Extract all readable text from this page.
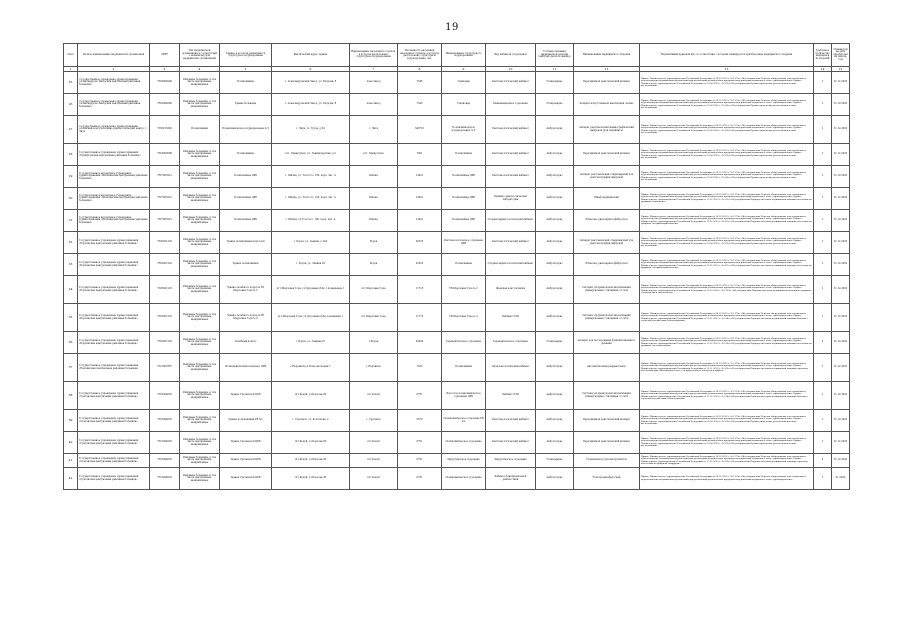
19
№п/п	Полное наименование медицинской организации	ИНН	Тип медицинской организации в соответствии с номенклатурой медицинских организаций	Здание, в котором размещается структурное подразделение	Фактический адрес здания	Наименование населенного пункта, в котором расположено структурное подразделение	Численность населения населенного пункта, в котором расположено структурное подразделение, чел.	Наименование структурного подразделения	Вид кабинета (отделения)	Условия оказания медицинской помощи (амбулаторно/в больнице)	Наименование медицинского изделия	Нормативный правовой акт, в соответствии с которым планируется приобретение медицинского изделия	Требуемое количество медицинских изделий	Планируемая дата приобретения (месяц, год)
1	2	3	4	5	6	7	8	9	10	11	12	13	14	15
25	государственное учреждение здравоохранения «Александрово-Заводская центральная районная больница»	7503004906	Районные больницы, в том числе центральные, межрайонные	Поликлиника	с. Александровский Завод, ул. Петрова, 8	Алек-Завод	7345	стационар	Рентгенологический кабинет	Стационарно	Передвижной рентгеновский аппарат	Приказ Министерства здравоохранения Российской Федерации от 28.12.2020 г. № 1379н «Об утверждении Перечня оборудования для оснащения и переоснащения медицинских организаций при реализации региональных программ модернизации первичного звена здравоохранения» Приказ Министерства здравоохранения Российской Федерации от 09.06.2020 г. № 560н «Об утверждении Правил проведения рентгенологических исследований»	1	31.12.2023
26	государственное учреждение здравоохранения «Александрово-Заводская центральная районная больница»	7503004906	Районные больницы, в том числе центральные, межрайонные	Здание больницы	с. Александровский Завод, ул. Петрова, 8	Алек-Завод	7345	Стационар	Реанимационное отделение	Стационарно	Аппарат искусственной вентиляции легких	Приказ Министерства здравоохранения Российской Федерации от 28.12.2020 г. № 1379н «Об утверждении Перечня оборудования для оснащения и переоснащения медицинских организаций при реализации региональных программ модернизации первичного звена здравоохранения» Приказ Министерства здравоохранения Российской Федерации от 09.06.2020 г. № 560н «Об утверждении Правил проведения рентгенологических исследований»	1	31.12.2023
27	государственное учреждение здравоохранения «Агинский консультативно-диагностический центр» г. Чита	7536015345	Поликлиники	Поликлиническое подразделение № 5	г. Чита, ул. Труда, д.20	г. Чита	349713	Поликлиническое подразделение № 5	Рентгенологический кабинет	Амбулаторно	Аппарат рентгеновский маммографический цифровой (для скрининга)	Приказ Министерства здравоохранения Российской Федерации от 28.12.2020 г. № 1379н «Об утверждении Перечня оборудования для оснащения и переоснащения медицинских организаций при реализации региональных программ модернизации первичного звена здравоохранения» Приказ Министерства здравоохранения Российской Федерации от 09.06.2020 г. № 560н «Об утверждении Правил проведения рентгенологических исследований»	1	31.12.2022
28	Государственное учреждение здравоохранения «Приаргунская центральная районная больница»	7518000998	Районные больницы, в том числе центральные, межрайонные	Поликлиника	пгт. Приаргунск, ул. Ленинградская, д.2	пгт. Приаргунск	7061	Поликлиника	Рентгенологический кабинет	Амбулаторно	Передвижной рентгеновский аппарат	Приказ Министерства здравоохранения Российской Федерации от 28.12.2020 г. № 1379н «Об утверждении Перечня оборудования для оснащения и переоснащения медицинских организаций при реализации региональных программ модернизации первичного звена здравоохранения» Приказ Министерства здравоохранения Российской Федерации от 09.06.2020 г. № 560н «Об утверждении Правил проведения рентгенологических исследований»	1	31.12.2023
29	Государственное автономное учреждение здравоохранения «Шилкинская центральная районная больница»	7527003221	Районные больницы, в том числе центральные, межрайонные	Поликлиника ЦРБ	г. Шилка, ул. Толстого, 106, корп. лит. А	Шилка	12491	Поликлиника ЦРБ	Рентгенологический кабинет	Амбулаторно	Аппарат рентгеновский стационарный для рентгенографии цифровой	Приказ Министерства здравоохранения Российской Федерации от 28.12.2020 г. № 1379н «Об утверждении Перечня оборудования для оснащения и переоснащения медицинских организаций при реализации региональных программ модернизации первичного звена здравоохранения» Приказ Министерства здравоохранения Российской Федерации от 09.06.2020 г. № 560н «Об утверждении Правил проведения рентгенологических исследований»	1	31.12.2023
30	Государственное автономное учреждение здравоохранения «Шилкинская центральная районная больница»	7527003221	Районные больницы, в том числе центральные, межрайонные	Поликлиника ЦРБ	г. Шилка, ул. Толстого, 106, корп. лит. А	Шилка	12491	Поликлиника ЦРБ	Клинико-диагностическая лаборатория	Амбулаторно	Шкаф медицинский	Приказ Министерства здравоохранения Российской Федерации от 28.12.2020 г. № 1379н «Об утверждении Перечня оборудования для оснащения и переоснащения медицинских организаций при реализации региональных программ модернизации первичного звена здравоохранения» Приказ Министерства здравоохранения Российской Федерации от 15.11.2012 г. № 915н «Об утверждении Порядка оказания медицинской помощи населению по профилю «онкология»	1	31.12.2023
31	Государственное автономное учреждение здравоохранения «Шилкинская центральная районная больница»	7527003221	Районные больницы, в том числе центральные, межрайонные	Поликлиника ЦРБ	г. Шилка, ул.Толстого, 106, корп. лит. А	Шилка	12491	Поликлиника ЦРБ	Оториноларингологический кабинет	Амбулаторно	Этикетка, риноларингофиброскоп	Приказ Министерства здравоохранения Российской Федерации от 28.12.2020 г. № 1379н «Об утверждении Перечня оборудования для оснащения и переоснащения медицинских организаций при реализации региональных программ модернизации первичного звена здравоохранения» Приказ Министерства здравоохранения Российской Федерации от 12.11.2012 г. № 905н «Об утверждении Порядка оказания медицинской помощи населению по профилю «оториноларингология»	1	31.12.2023
32	Государственное учреждение здравоохранения «Борзинская центральная районная больница»	7529001223	Районные больницы, в том числе центральные, межрайонные	Здание поликлиники взрослой	г. Борзя, ул. Ленина, д.10А	Борзя	29325	Рентгенологическое отделение ЦРБ	Рентгенологический кабинет	Амбулаторно	Аппарат рентгеновский стационарный для рентгенографии цифровой	Приказ Министерства здравоохранения Российской Федерации от 28.12.2020 г. № 1379н «Об утверждении Перечня оборудования для оснащения и переоснащения медицинских организаций при реализации региональных программ модернизации первичного звена здравоохранения» Приказ Министерства здравоохранения Российской Федерации от 09.06.2020 г. № 560н «Об утверждении Правил проведения рентгенологических исследований»	1	31.12.2023
33	Государственное учреждение здравоохранения «Борзинская центральная районная больница»	7529001223	Районные больницы, в том числе центральные, межрайонные	Здание поликлиники	г. Борзя, ул. Ленина 20	Борзя	29325	Поликлиника	Оториноларингологический кабинет	Амбулаторно	Этикетка, риноларингофиброскоп	Приказ Министерства здравоохранения Российской Федерации от 28.12.2020 г. № 1379н «Об утверждении Перечня оборудования для оснащения и переоснащения медицинских организаций при реализации региональных программ модернизации первичного звена здравоохранения» Приказ Министерства здравоохранения Российской Федерации от 12.11.2012 г. № 905н «Об утверждении Порядка оказания медицинской помощи населению по профилю «оториноларингология»	1	31.12.2022
34	Государственное учреждение здравоохранения «Борзинская центральная районная больница»	7529001223	Районные больницы, в том числе центральные, межрайонные	Здание лечебного корпуса УБ Шерловая Гора № 2	пгт.Шерловая Гора, ул.Дорожная (б/н) 1 помещение 1	пгт.Шерловая Гора	11715	УБ Шерловая Гора № 2	Женская консультация	Амбулаторно	Система ультразвуковой визуализации универсальная с питанием от сети	Приказ Министерства здравоохранения Российской Федерации от 28.12.2020 г. № 1379н «Об утверждении Перечня оборудования для оснащения и переоснащения медицинских организаций при реализации региональных программ модернизации первичного звена здравоохранения» Приказ Министерства здравоохранения Российской Федерации от 20.10.2020 г. № 1130н «Об утверждении Порядка оказания медицинской помощи по профилю «акушерство и гинекология»	1	31.12.2022
35	Государственное учреждение здравоохранения «Борзинская центральная районная больница»	7529001223	Районные больницы, в том числе центральные, межрайонные	Здание лечебного корпуса УБ Шерловая Гора № 2	пгт.Шерловая Гора, ул.Дорожная (б/н) помещение 1	пгт.Шерловая Гора	11715	УБ Шерловая Гора № 2	Кабинет УЗИ	Амбулаторно	Система ультразвуковой визуализации универсальная с питанием от сети	Приказ Министерства здравоохранения Российской Федерации от 28.12.2020 г. № 1379н «Об утверждении Перечня оборудования для оснащения и переоснащения медицинских организаций при реализации региональных программ модернизации первичного звена здравоохранения» Приказ Министерства здравоохранения Российской Федерации от 15.11.2012 г. № 918н «Об утверждении Порядка оказания медицинской помощи больным с сердечно-сосудистыми заболеваниями»	1	31.12.2022
36	Государственное учреждение здравоохранения «Борзинская центральная районная больница»	7529001223	Районные больницы, в том числе центральные, межрайонные	Лечебный корпус	г.Борзя, ул. Ленина,10	г.Борзя	29004	Терапевтическое отделение	Терапевтическое отделение	Стационарно	Аппарат для исследования функций внешнего дыхания	Приказ Министерства здравоохранения Российской Федерации от 28.12.2020 г. № 1379н «Об утверждении Перечня оборудования для оснащения и переоснащения медицинских организаций при реализации региональных программ модернизации первичного звена здравоохранения» Приказ Министерства здравоохранения Российской Федерации от 15.11.2012 г. № 916н «Об утверждении Порядка оказания медицинской помощи населению по профилю «пульмонология»	2	31.12.2022
37	Государственное учреждение здравоохранения «Нерчинская центральная районная больница»	7513002587	Районные больницы, в том числе центральные, межрайонные	Поликлинический комплекс ЦРБ	г.Нерчинск,ул.Комсомольская,7	г.Нерчинск	7633	Поликлиника	Офтальмологический кабинет	Амбулаторно	Автоматический рефрактометр	Приказ Министерства здравоохранения Российской Федерации от 28.12.2020 г. № 1379н «Об утверждении Перечня оборудования для оснащения и переоснащения медицинских организаций при реализации региональных программ модернизации первичного звена здравоохранения» Приказ Министерства здравоохранения Российской Федерации от 12.11.2012 г. № 902н «Об утверждении Порядка оказания медицинской помощи взрослому населению при заболеваниях глаза, его придаточного аппарата и орбиты»	1	31.12.2023
38	Государственное учреждение здравоохранения «Сретенская центральная районная больница»	7519004602	Районные больницы, в том числе центральные, межрайонные	Здание Сретенской ЦРБ	пгт.Кокуй, ул.Борзова,39	пгт.Кокуй	6791	Взрослое поликлиническое отделение ЦРБ	Кабинет УЗИ	Амбулаторно	Система ультразвуковой визуализации универсальная с питанием от сети	Приказ Министерства здравоохранения Российской Федерации от 28.12.2020 г. № 1379н «Об утверждении Перечня оборудования для оснащения и переоснащения медицинских организаций при реализации региональных программ модернизации первичного звена здравоохранения» Приказ Министерства здравоохранения Российской Федерации от 15.11.2012 г. № 918н «Об утверждении Порядка оказания медицинской помощи больным с сердечно-сосудистыми заболеваниями»	1	31.12.2022
39	Государственное учреждение здравоохранения «Сретенская центральная районная больница»	7519004602	Районные больницы, в том числе центральные, межрайонные	Здание поликлиники РБ №1	г. Сретенск, ул. Кочеткова, 2	г. Сретенск	6570	Поликлиническое отделение РБ №1	Рентгенологический кабинет	Амбулаторно	Передвижной рентгеновский аппарат	Приказ Министерства здравоохранения Российской Федерации от 28.12.2020 г. № 1379н «Об утверждении Перечня оборудования для оснащения и переоснащения медицинских организаций при реализации региональных программ модернизации первичного звена здравоохранения» Приказ Министерства здравоохранения Российской Федерации от 09.06.2020 г. № 560н «Об утверждении Правил проведения рентгенологических исследований»	1	31.12.2023
40	Государственное учреждение здравоохранения «Сретенская центральная районная больница»	7519004602	Районные больницы, в том числе центральные, межрайонные	Здание Сретенской ЦРБ	пгт.Кокуй, ул.Борзова,39	пгт.Кокуй	6791	Поликлиническое отделение	Рентгенологический кабинет	Амбулаторно	Передвижной рентгеновский аппарат	Приказ Министерства здравоохранения Российской Федерации от 28.12.2020 г. № 1379н «Об утверждении Перечня оборудования для оснащения и переоснащения медицинских организаций при реализации региональных программ модернизации первичного звена здравоохранения» Приказ Министерства здравоохранения Российской Федерации от 09.06.2020 г. № 560н «Об утверждении Правил проведения рентгенологических исследований»	1	31.12.2023
41	Государственное учреждение здравоохранения «Сретенская центральная районная больница»	7519004602	Районные больницы, в том числе центральные, межрайонные	Здание Сретенской ЦРБ	пгт.Кокуй, ул.Борзова,39	пгт.Кокуй	6791	Хирургическое отделение	Хирургическое отделение	Стационарно	Стерилизатор для инструментов	Приказ Министерства здравоохранения Российской Федерации от 28.12.2020 г. № 1379н «Об утверждении Перечня оборудования для оснащения и переоснащения медицинских организаций при реализации региональных программ модернизации первичного звена здравоохранения» Приказ Министерства здравоохранения Российской Федерации от 15.11.2012 г. № 922н «Об утверждении Порядка оказания медицинской помощи взрослому населению по профилю «хирургия»	2	31.12.2022
42	Государственное учреждение здравоохранения «Сретенская центральная районная больница»	7519004602	Районные больницы, в том числе центральные, межрайонные	Здание Сретенской ЦРБ	пгт.Кокуй, ул.Борзова,39	пгт.Кокуй	6791	Поликлиническое отделение	Кабинет функциональной диагностики	Амбулаторно	Электроэнцефалограф	Приказ Министерства здравоохранения Российской Федерации от 28.12.2020 г. № 1379н «Об утверждении Перечня оборудования для оснащения и переоснащения медицинских организаций при реализации региональных программ модернизации первичного звена здравоохранения»	1	31.2023
